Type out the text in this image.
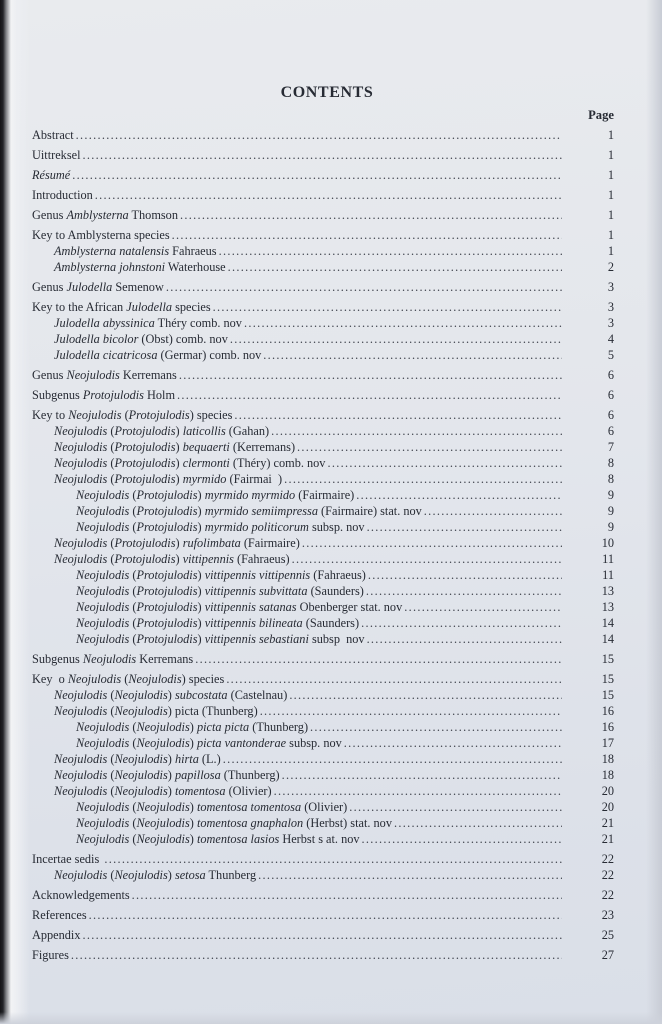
CONTENTS
Page
Abstract .....	1
Uittreksel .....	1
Résumé .....	1
Introduction .....	1
Genus Amblysterna Thomson .....	1
Key to Amblysterna species .....	1
Amblysterna natalensis Fahraeus .....	1
Amblysterna johnstoni Waterhouse .....	2
Genus Julodella Semenow .....	3
Key to the African Julodella species .....	3
Julodella abyssinica Théry comb. nov .....	3
Julodella bicolor (Obst) comb. nov .....	4
Julodella cicatricosa (Germar) comb. nov .....	5
Genus Neojulodis Kerremans .....	6
Subgenus Protojulodis Holm .....	6
Key to Neojulodis (Protojulodis) species .....	6
Neojulodis (Protojulodis) laticollis (Gahan) .....	6
Neojulodis (Protojulodis) bequaerti (Kerremans) .....	7
Neojulodis (Protojulodis) clermonti (Théry) comb. nov .....	8
Neojulodis (Protojulodis) myrmido (Fairmai  ) .....	8
Neojulodis (Protojulodis) myrmido myrmido (Fairmaire) .....	9
Neojulodis (Protojulodis) myrmido semiimpressa (Fairmaire) stat. nov .....	9
Neojulodis (Protojulodis) myrmido politicorum subsp. nov .....	9
Neojulodis (Protojulodis) rufolimbata (Fairmaire) .....	10
Neojulodis (Protojulodis) vittipennis (Fahraeus) .....	11
Neojulodis (Protojulodis) vittipennis vittipennis (Fahraeus) .....	11
Neojulodis (Protojulodis) vittipennis subvittata (Saunders) .....	13
Neojulodis (Protojulodis) vittipennis satanas Obenberger stat. nov .....	13
Neojulodis (Protojulodis) vittipennis bilineata (Saunders) .....	14
Neojulodis (Protojulodis) vittipennis sebastiani subsp  nov .....	14
Subgenus Neojulodis Kerremans .....	15
Key  o Neojulodis (Neojulodis) species .....	15
Neojulodis (Neojulodis) subcostata (Castelnau) .....	15
Neojulodis (Neojulodis) picta (Thunberg) .....	16
Neojulodis (Neojulodis) picta picta (Thunberg) .....	16
Neojulodis (Neojulodis) picta vantonderae subsp. nov .....	17
Neojulodis (Neojulodis) hirta (L.) .....	18
Neojulodis (Neojulodis) papillosa (Thunberg) .....	18
Neojulodis (Neojulodis) tomentosa (Olivier) .....	20
Neojulodis (Neojulodis) tomentosa tomentosa (Olivier) .....	20
Neojulodis (Neojulodis) tomentosa gnaphalon (Herbst) stat. nov .....	21
Neojulodis (Neojulodis) tomentosa lasios Herbst s at. nov .....	21
Incertae sedis .....	22
Neojulodis (Neojulodis) setosa Thunberg .....	22
Acknowledgements .....	22
References .....	23
Appendix .....	25
Figures .....	27
